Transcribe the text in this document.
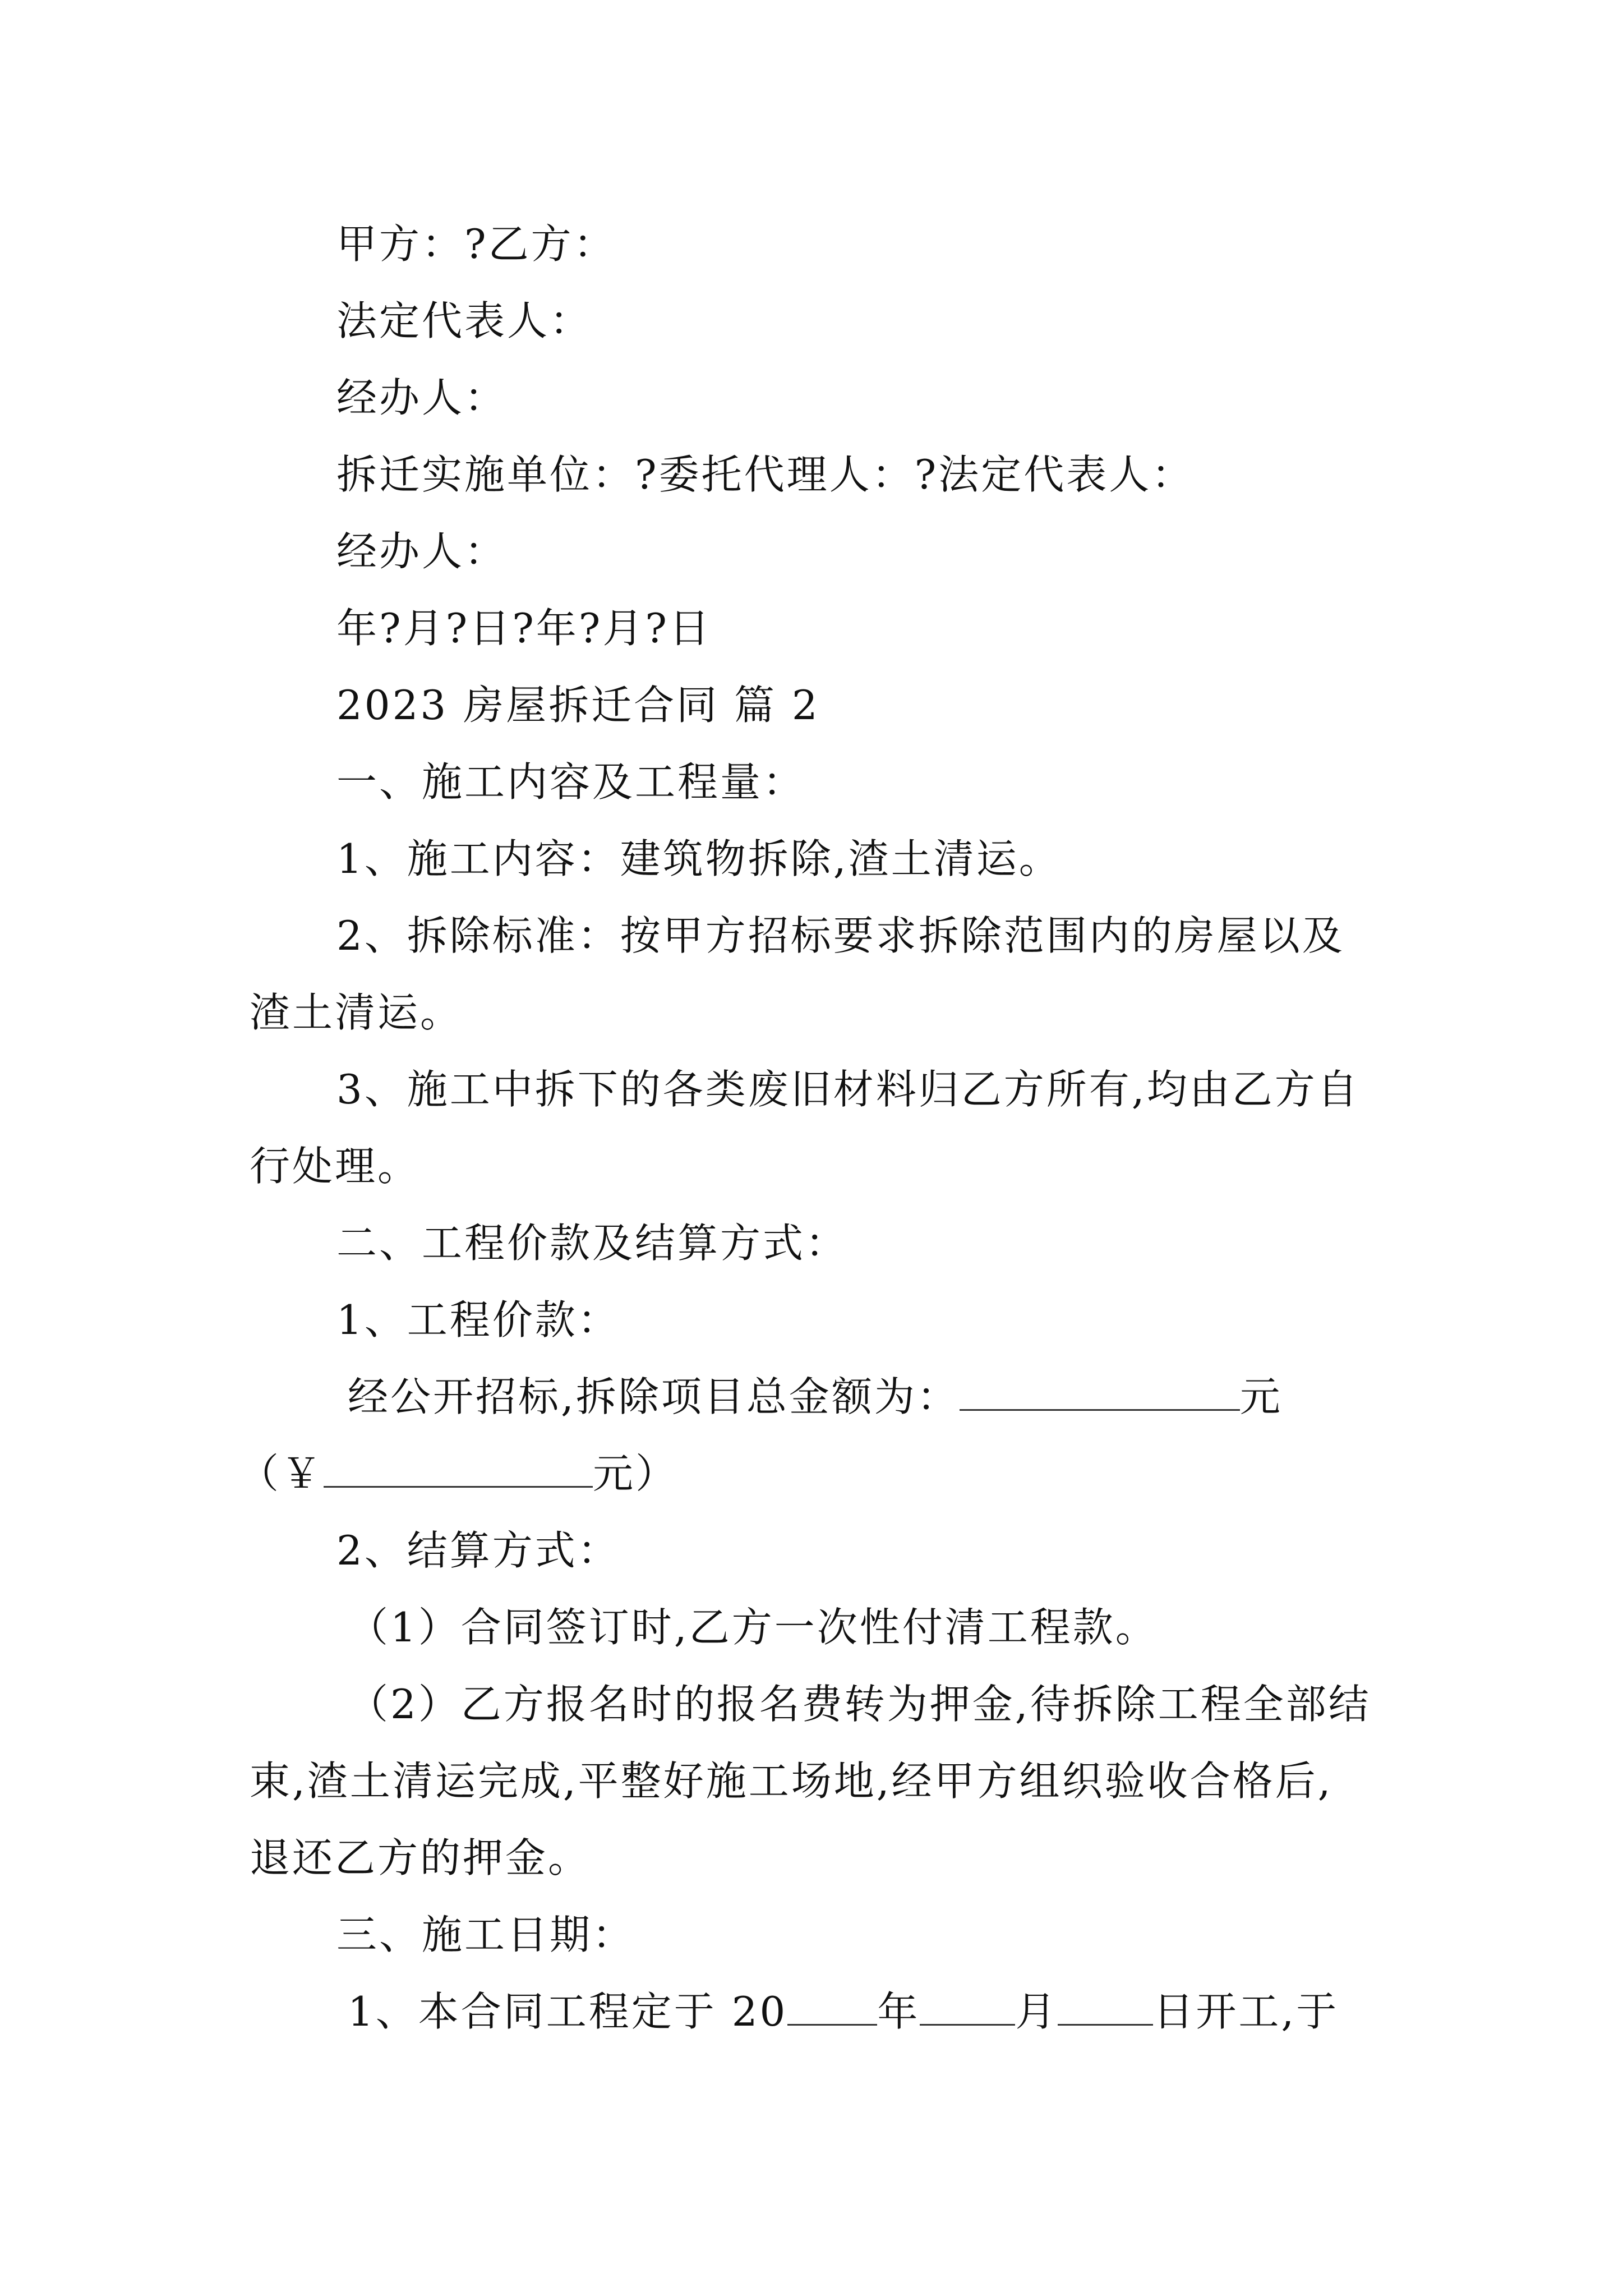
甲方：?乙方：
法定代表人：
经办人：
拆迁实施单位：?委托代理人：?法定代表人：
经办人：
年?月?日?年?月?日
2023 房屋拆迁合同 篇 2
一、施工内容及工程量：
1、施工内容：建筑物拆除,渣土清运。
2、拆除标准：按甲方招标要求拆除范围内的房屋以及
渣土清运。
3、施工中拆下的各类废旧材料归乙方所有,均由乙方自
行处理。
二、工程价款及结算方式：
1、工程价款：
经公开招标,拆除项目总金额为：	元
（￥	元）
2、结算方式：
（1）合同签订时,乙方一次性付清工程款。
（2）乙方报名时的报名费转为押金,待拆除工程全部结
束,渣土清运完成,平整好施工场地,经甲方组织验收合格后,
退还乙方的押金。
三、施工日期：
1、本合同工程定于 20 年 月 日开工,于
